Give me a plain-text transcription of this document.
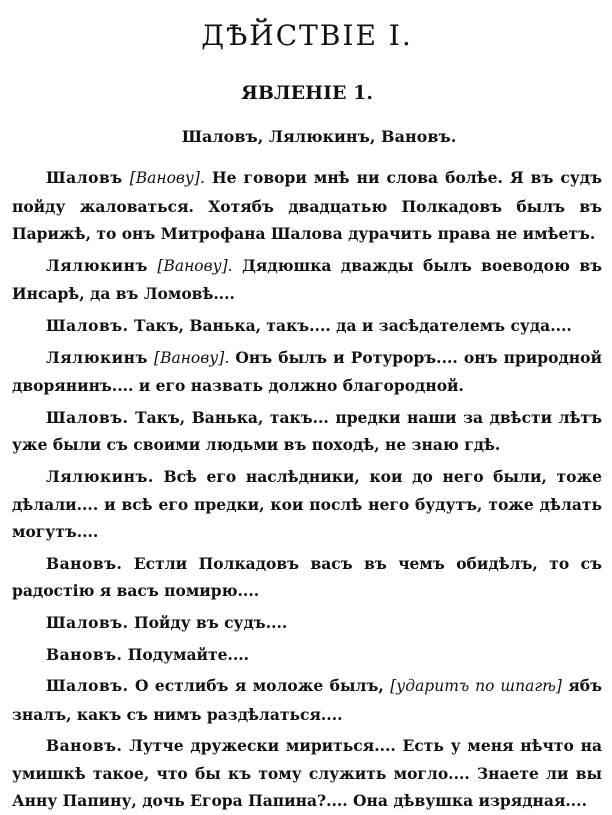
ДѢЙСТВІЕ I.
ЯВЛЕНІЕ 1.

Шаловъ, Лялюкинъ, Вановъ.

Шаловъ [Ванову]. Не говори мнѣ ни слова болѣе. Я въ судъ пойду жаловаться. Хотябъ двадцатью Полкадовъ былъ въ Парижѣ, то онъ Митрофана Шалова дурачить права не имѣетъ.

Лялюкинъ [Ванову]. Дядюшка дважды былъ воеводою въ Инсарѣ, да въ Ломовѣ....

Шаловъ. Такъ, Ванька, такъ.... да и засѣдателемъ суда....

Лялюкинъ [Ванову]. Онъ былъ и Ротуроръ.... онъ природной дворянинъ.... и его назвать должно благородной.

Шаловъ. Такъ, Ванька, такъ... предки наши за двѣсти лѣтъ уже были съ своими людьми въ походѣ, не знаю гдѣ.

Лялюкинъ. Всѣ его наслѣдники, кои до него были, тоже дѣлали.... и всѣ его предки, кои послѣ него будутъ, тоже дѣлать могутъ....

Вановъ. Естли Полкадовъ васъ въ чемъ обидѣлъ, то съ радостію я васъ помирю....

Шаловъ. Пойду въ судъ....

Вановъ. Подумайте....

Шаловъ. О естлибъ я моложе былъ, [ударитъ по шпагѣ] ябъ зналъ, какъ съ нимъ раздѣлаться....

Вановъ. Лутче дружески мириться.... Есть у меня нѣчто на умишкѣ такое, что бы къ тому служить могло.... Знаете ли вы Анну Папину, дочь Егора Папина?.... Она дѣвушка изрядная....
